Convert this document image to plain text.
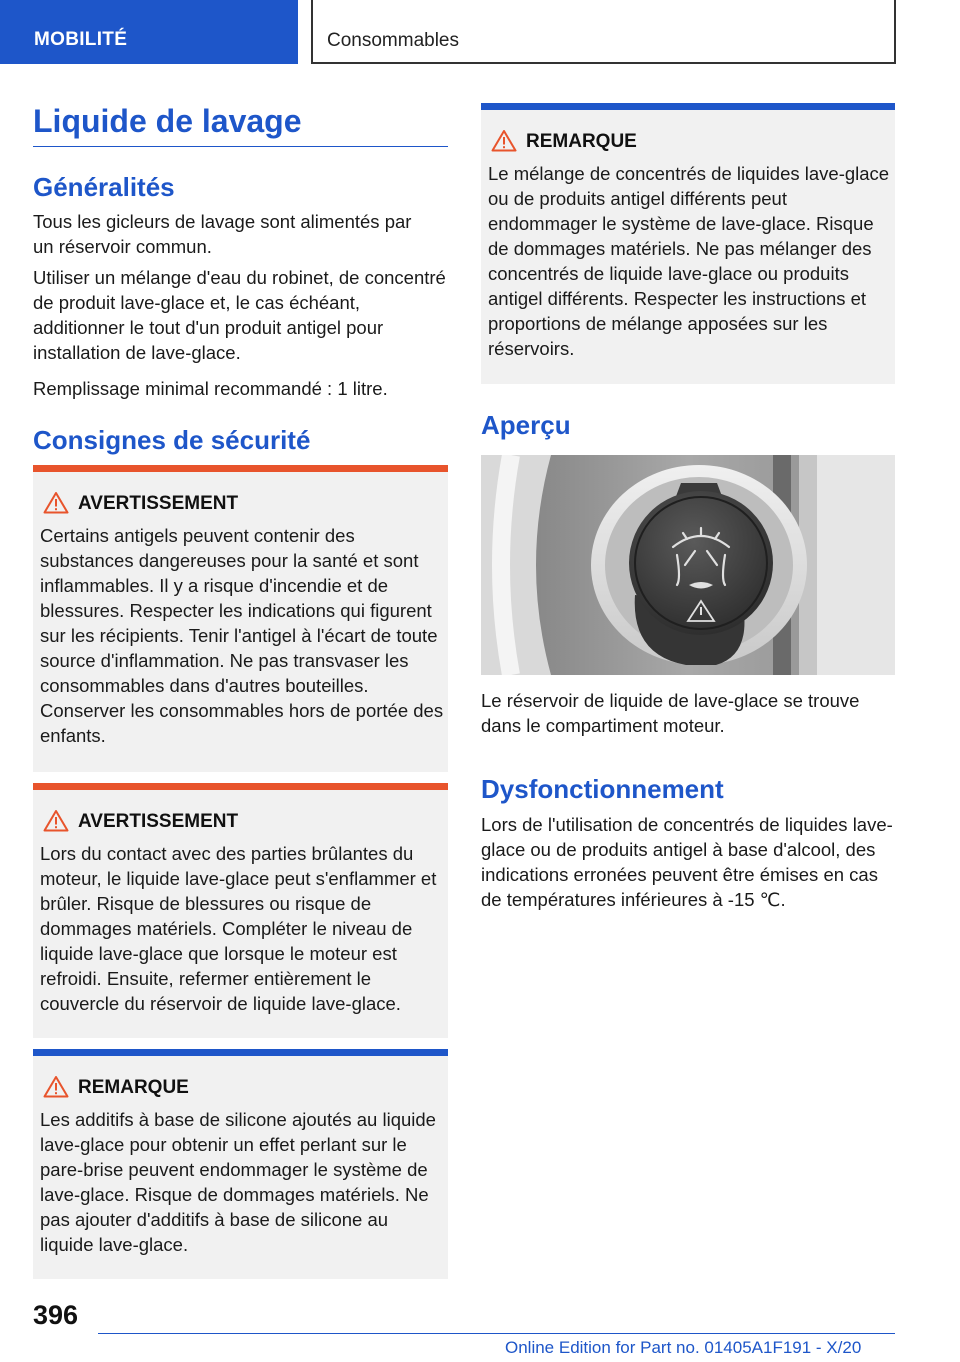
MOBILITÉ	Consommables
Liquide de lavage
Généralités
Tous les gicleurs de lavage sont alimentés par un réservoir commun.
Utiliser un mélange d'eau du robinet, de concentré de produit lave-glace et, le cas échéant, additionner le tout d'un produit antigel pour installation de lave-glace.
Remplissage minimal recommandé : 1 litre.
Consignes de sécurité
AVERTISSEMENT
Certains antigels peuvent contenir des substances dangereuses pour la santé et sont inflammables. Il y a risque d'incendie et de blessures. Respecter les indications qui figurent sur les récipients. Tenir l'antigel à l'écart de toute source d'inflammation. Ne pas transvaser les consommables dans d'autres bouteilles. Conserver les consommables hors de portée des enfants.
AVERTISSEMENT
Lors du contact avec des parties brûlantes du moteur, le liquide lave-glace peut s'enflammer et brûler. Risque de blessures ou risque de dommages matériels. Compléter le niveau de liquide lave-glace que lorsque le moteur est refroidi. Ensuite, refermer entièrement le couvercle du réservoir de liquide lave-glace.
REMARQUE
Les additifs à base de silicone ajoutés au liquide lave-glace pour obtenir un effet perlant sur le pare-brise peuvent endommager le système de lave-glace. Risque de dommages matériels. Ne pas ajouter d'additifs à base de silicone au liquide lave-glace.
REMARQUE
Le mélange de concentrés de liquides lave-glace ou de produits antigel différents peut endommager le système de lave-glace. Risque de dommages matériels. Ne pas mélanger des concentrés de liquide lave-glace ou produits antigel différents. Respecter les instructions et proportions de mélange apposées sur les réservoirs.
Aperçu
Le réservoir de liquide de lave-glace se trouve dans le compartiment moteur.
Dysfonctionnement
Lors de l'utilisation de concentrés de liquides lave-glace ou de produits antigel à base d'alcool, des indications erronées peuvent être émises en cas de températures inférieures à ‑15 ℃.
396
Online Edition for Part no. 01405A1F191 - X/20
